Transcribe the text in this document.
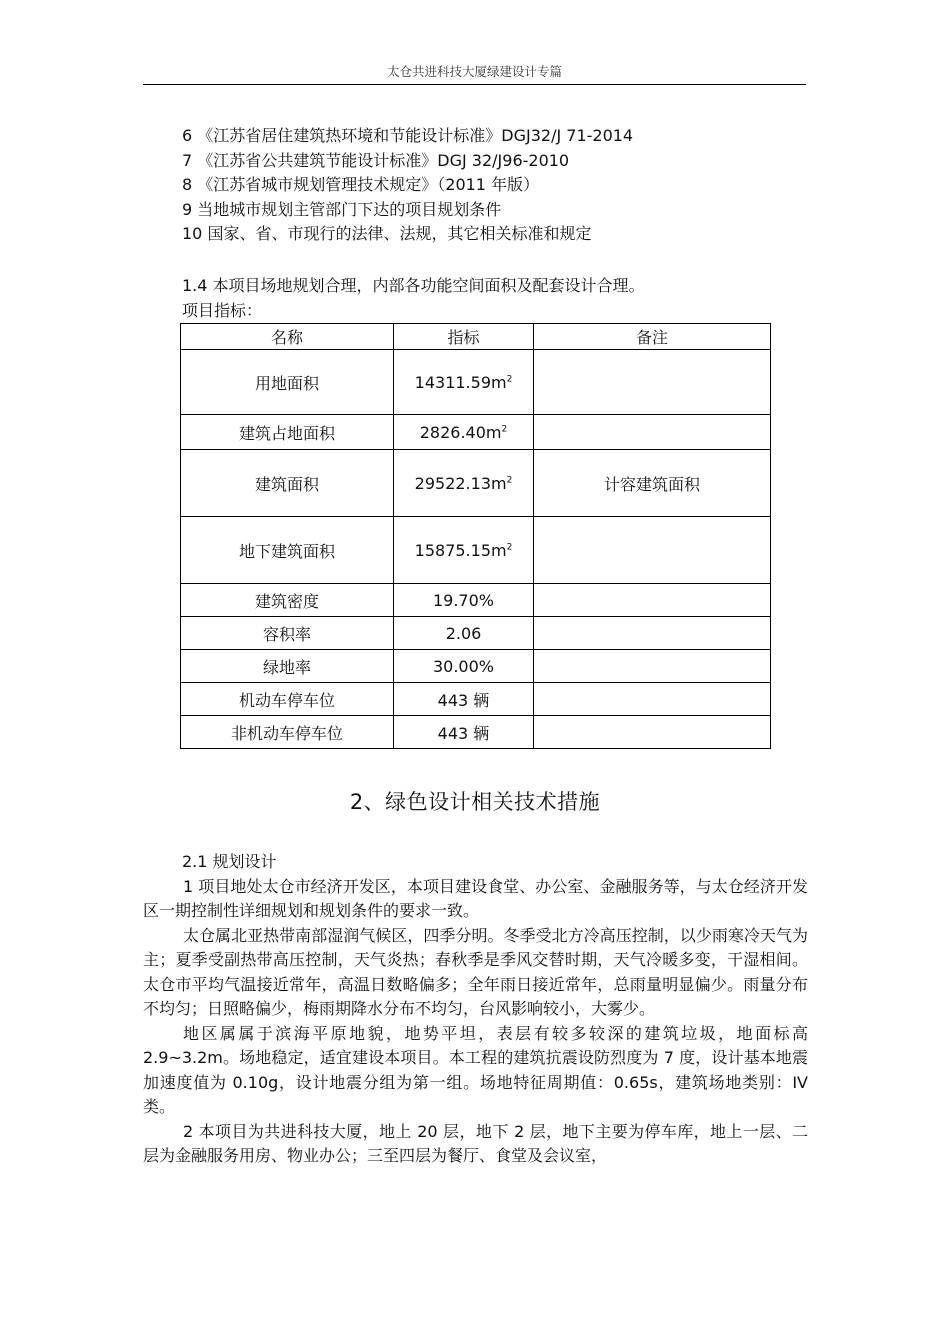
太仓共进科技大厦绿建设计专篇
6 《江苏省居住建筑热环境和节能设计标准》DGJ32/J 71-2014
7 《江苏省公共建筑节能设计标准》DGJ 32/J96-2010
8 《江苏省城市规划管理技术规定》（2011 年版）
9 当地城市规划主管部门下达的项目规划条件
10 国家、省、市现行的法律、法规，其它相关标准和规定
1.4 本项目场地规划合理，内部各功能空间面积及配套设计合理。
项目指标：
名称	指标	备注
用地面积	$14311.59m^2$	
建筑占地面积	$2826.40m^2$	
建筑面积	$29522.13m^2$	计容建筑面积
地下建筑面积	$15875.15m^2$	
建筑密度	19.70%	
容积率	2.06	
绿地率	30.00%	
机动车停车位	443 辆	
非机动车停车位	443 辆	
2、绿色设计相关技术措施

2.1 规划设计

1 项目地处太仓市经济开发区，本项目建设食堂、办公室、金融服务等，与太仓经济开发区一期控制性详细规划和规划条件的要求一致。

太仓属北亚热带南部湿润气候区，四季分明。冬季受北方冷高压控制，以少雨寒冷天气为主；夏季受副热带高压控制，天气炎热；春秋季是季风交替时期，天气冷暖多变，干湿相间。太仓市平均气温接近常年，高温日数略偏多；全年雨日接近常年，总雨量明显偏少。雨量分布不均匀；日照略偏少，梅雨期降水分布不均匀，台风影响较小，大雾少。

地区属属于滨海平原地貌，地势平坦，表层有较多较深的建筑垃圾，地面标高 2.9~3.2m。场地稳定，适宜建设本项目。本工程的建筑抗震设防烈度为 7 度，设计基本地震加速度值为 0.10g，设计地震分组为第一组。场地特征周期值：0.65s，建筑场地类别：IV 类。

2 本项目为共进科技大厦，地上 20 层，地下 2 层，地下主要为停车库，地上一层、二层为金融服务用房、物业办公；三至四层为餐厅、食堂及会议室，
